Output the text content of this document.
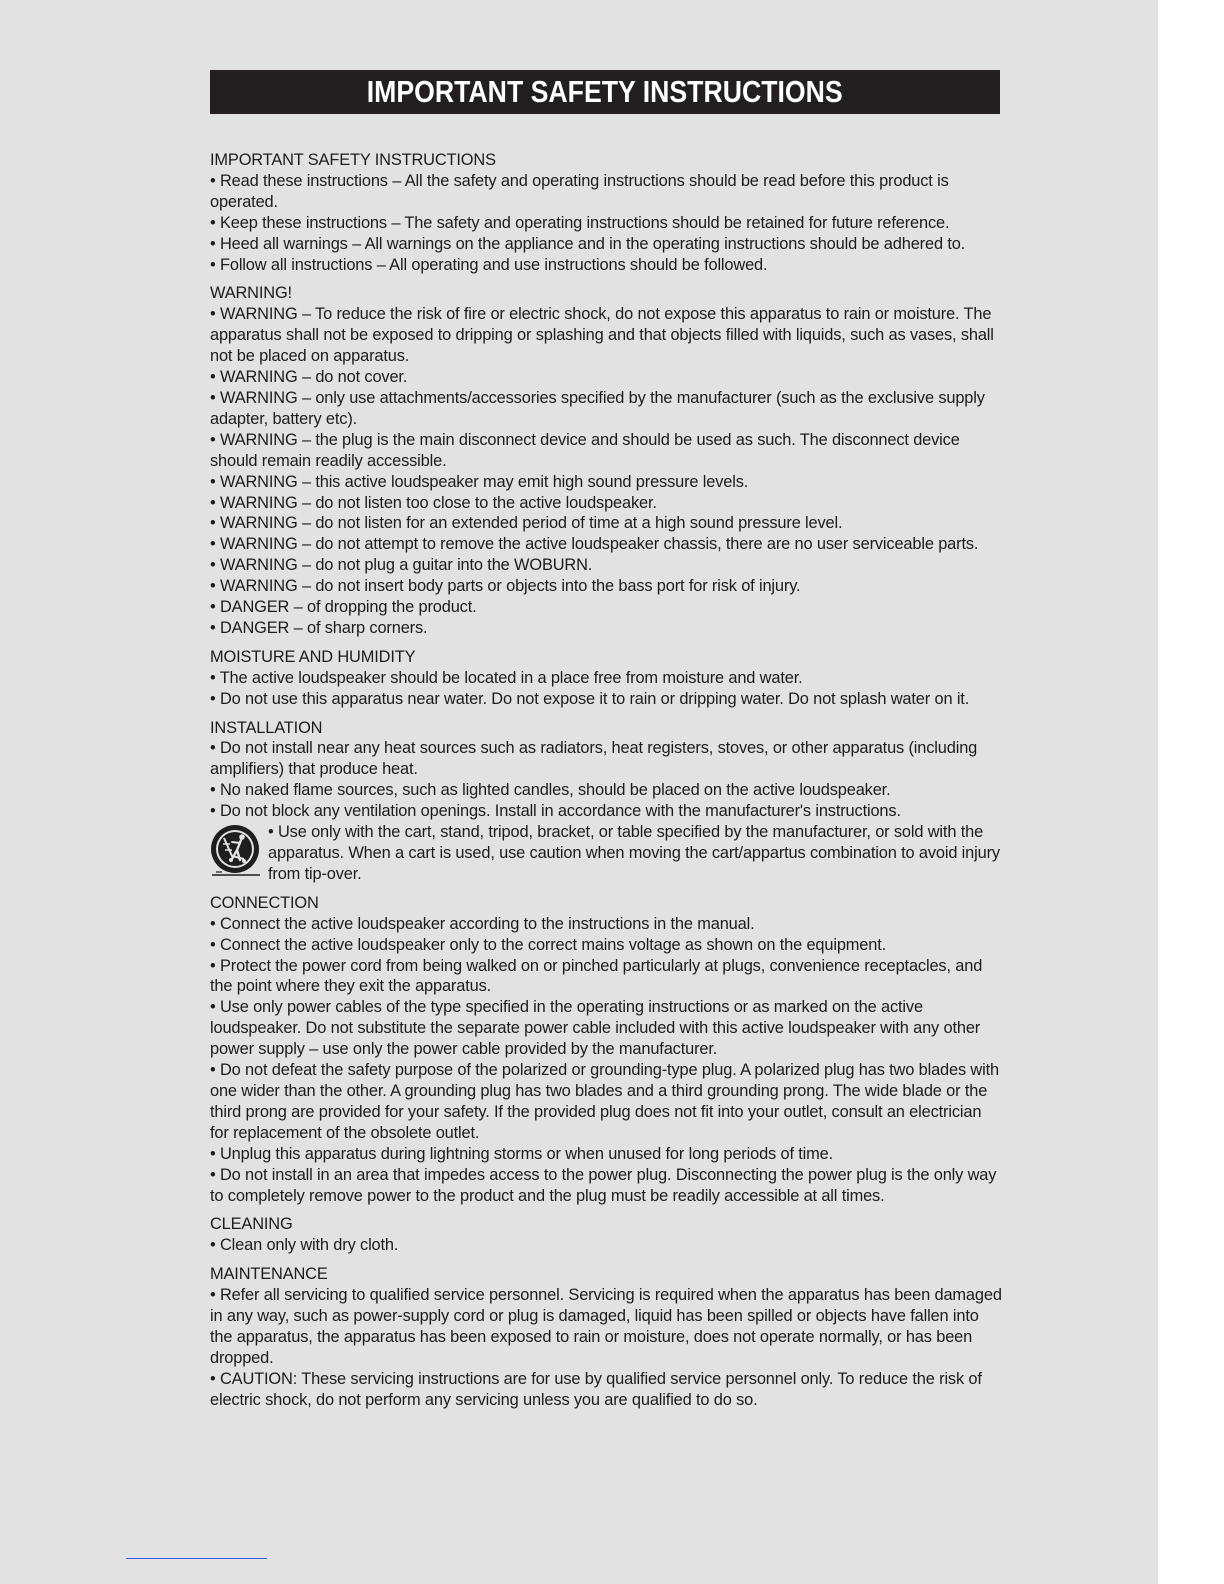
IMPORTANT SAFETY INSTRUCTIONS
IMPORTANT SAFETY INSTRUCTIONS

• Read these instructions – All the safety and operating instructions should be read before this product is operated.

• Keep these instructions – The safety and operating instructions should be retained for future reference.

• Heed all warnings – All warnings on the appliance and in the operating instructions should be adhered to.

• Follow all instructions – All operating and use instructions should be followed.

WARNING!

• WARNING – To reduce the risk of fire or electric shock, do not expose this apparatus to rain or moisture. The apparatus shall not be exposed to dripping or splashing and that objects filled with liquids, such as vases, shall not be placed on apparatus.

• WARNING – do not cover.

• WARNING – only use attachments/accessories specified by the manufacturer (such as the exclusive supply adapter, battery etc).

• WARNING – the plug is the main disconnect device and should be used as such. The disconnect device should remain readily accessible.

• WARNING – this active loudspeaker may emit high sound pressure levels.

• WARNING – do not listen too close to the active loudspeaker.

• WARNING – do not listen for an extended period of time at a high sound pressure level.

• WARNING – do not attempt to remove the active loudspeaker chassis, there are no user serviceable parts.

• WARNING – do not plug a guitar into the WOBURN.

• WARNING – do not insert body parts or objects into the bass port for risk of injury.

• DANGER – of dropping the product.

• DANGER – of sharp corners.

MOISTURE AND HUMIDITY

• The active loudspeaker should be located in a place free from moisture and water.

• Do not use this apparatus near water. Do not expose it to rain or dripping water. Do not splash water on it.

INSTALLATION

• Do not install near any heat sources such as radiators, heat registers, stoves, or other apparatus (including amplifiers) that produce heat.

• No naked flame sources, such as lighted candles, should be placed on the active loudspeaker.

• Do not block any ventilation openings. Install in accordance with the manufacturer's instructions.

• Use only with the cart, stand, tripod, bracket, or table specified by the manufacturer, or sold with the apparatus. When a cart is used, use caution when moving the cart/appartus combination to avoid injury from tip-over.

CONNECTION

• Connect the active loudspeaker according to the instructions in the manual.

• Connect the active loudspeaker only to the correct mains voltage as shown on the equipment.

• Protect the power cord from being walked on or pinched particularly at plugs, convenience receptacles, and the point where they exit the apparatus.

• Use only power cables of the type specified in the operating instructions or as marked on the active loudspeaker. Do not substitute the separate power cable included with this active loudspeaker with any other power supply – use only the power cable provided by the manufacturer.

• Do not defeat the safety purpose of the polarized or grounding-type plug. A polarized plug has two blades with one wider than the other. A grounding plug has two blades and a third grounding prong. The wide blade or the third prong are provided for your safety. If the provided plug does not fit into your outlet, consult an electrician for replacement of the obsolete outlet.

• Unplug this apparatus during lightning storms or when unused for long periods of time.

• Do not install in an area that impedes access to the power plug. Disconnecting the power plug is the only way to completely remove power to the product and the plug must be readily accessible at all times.

CLEANING

• Clean only with dry cloth.

MAINTENANCE

• Refer all servicing to qualified service personnel. Servicing is required when the apparatus has been damaged in any way, such as power-supply cord or plug is damaged, liquid has been spilled or objects have fallen into the apparatus, the apparatus has been exposed to rain or moisture, does not operate normally, or has been dropped.

• CAUTION: These servicing instructions are for use by qualified service personnel only. To reduce the risk of electric shock, do not perform any servicing unless you are qualified to do so.
